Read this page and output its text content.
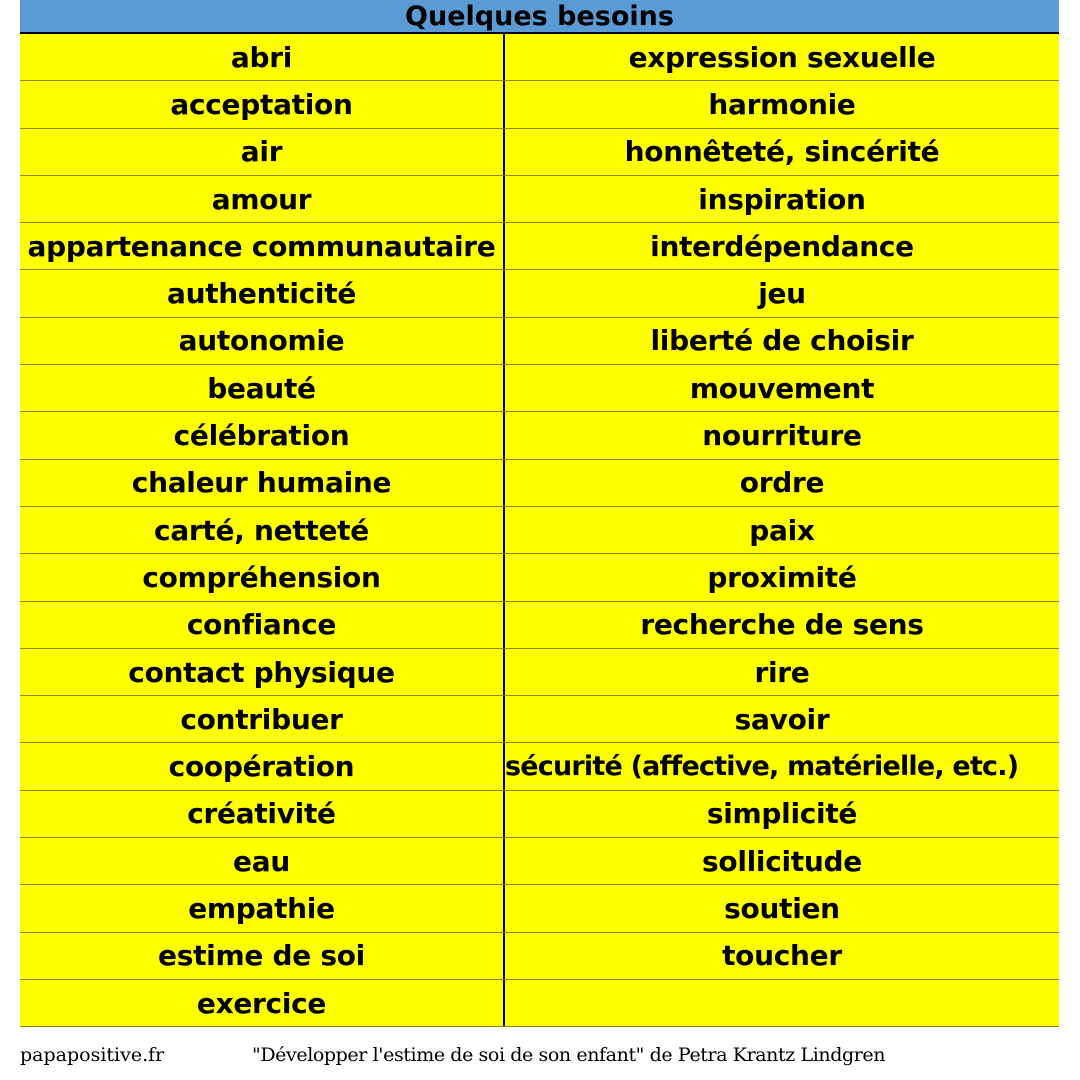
Quelques besoins
abri	expression sexuelle
acceptation	harmonie
air	honnêteté, sincérité
amour	inspiration
appartenance communautaire	interdépendance
authenticité	jeu
autonomie	liberté de choisir
beauté	mouvement
célébration	nourriture
chaleur humaine	ordre
carté, netteté	paix
compréhension	proximité
confiance	recherche de sens
contact physique	rire
contribuer	savoir
coopération	sécurité (affective, matérielle, etc.)
créativité	simplicité
eau	sollicitude
empathie	soutien
estime de soi	toucher
exercice
papapositive.fr	"Développer l'estime de soi de son enfant" de Petra Krantz Lindgren
